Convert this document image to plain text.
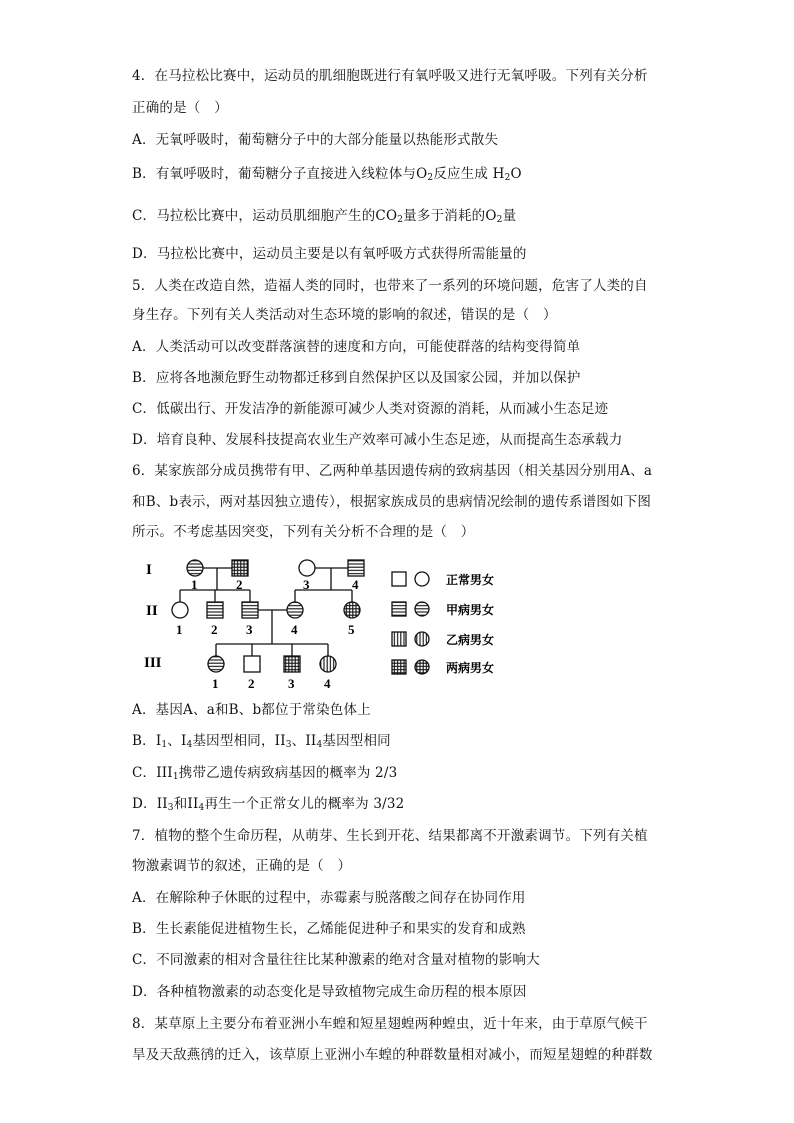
4．在马拉松比赛中，运动员的肌细胞既进行有氧呼吸又进行无氧呼吸。下列有关分析
正确的是（　）
A．无氧呼吸时，葡萄糖分子中的大部分能量以热能形式散失
B．有氧呼吸时，葡萄糖分子直接进入线粒体与$O_2$反应生成 $H_2O$
C．马拉松比赛中，运动员肌细胞产生的$CO_2$量多于消耗的$O_2$量
D．马拉松比赛中，运动员主要是以有氧呼吸方式获得所需能量的
5．人类在改造自然，造福人类的同时，也带来了一系列的环境问题，危害了人类的自
身生存。下列有关人类活动对生态环境的影响的叙述，错误的是（　）
A．人类活动可以改变群落演替的速度和方向，可能使群落的结构变得简单
B．应将各地濒危野生动物都迁移到自然保护区以及国家公园，并加以保护
C．低碳出行、开发洁净的新能源可减少人类对资源的消耗，从而减小生态足迹
D．培育良种、发展科技提高农业生产效率可减小生态足迹，从而提高生态承载力
6．某家族部分成员携带有甲、乙两种单基因遗传病的致病基因（相关基因分别用A、a
和B、b表示，两对基因独立遗传），根据家族成员的患病情况绘制的遗传系谱图如下图
所示。不考虑基因突变，下列有关分析不合理的是（　）
I
II
III
1	2	3	4
1 2 3	4	5
1 2	3 4
正常男女
甲病男女
乙病男女
两病男女
A．基因A、a和B、b都位于常染色体上
B．$I_1$、$I_4$基因型相同，$II_3$、$II_4$基因型相同
C．$III_1$携带乙遗传病致病基因的概率为 2/3
D．$II_3$和$II_4$再生一个正常女儿的概率为 3/32
7．植物的整个生命历程，从萌芽、生长到开花、结果都离不开激素调节。下列有关植
物激素调节的叙述，正确的是（　）
A．在解除种子休眠的过程中，赤霉素与脱落酸之间存在协同作用
B．生长素能促进植物生长，乙烯能促进种子和果实的发育和成熟
C．不同激素的相对含量往往比某种激素的绝对含量对植物的影响大
D．各种植物激素的动态变化是导致植物完成生命历程的根本原因
8．某草原上主要分布着亚洲小车蝗和短星翅蝗两种蝗虫，近十年来，由于草原气候干
旱及天敌燕鸻的迁入，该草原上亚洲小车蝗的种群数量相对减小，而短星翅蝗的种群数
